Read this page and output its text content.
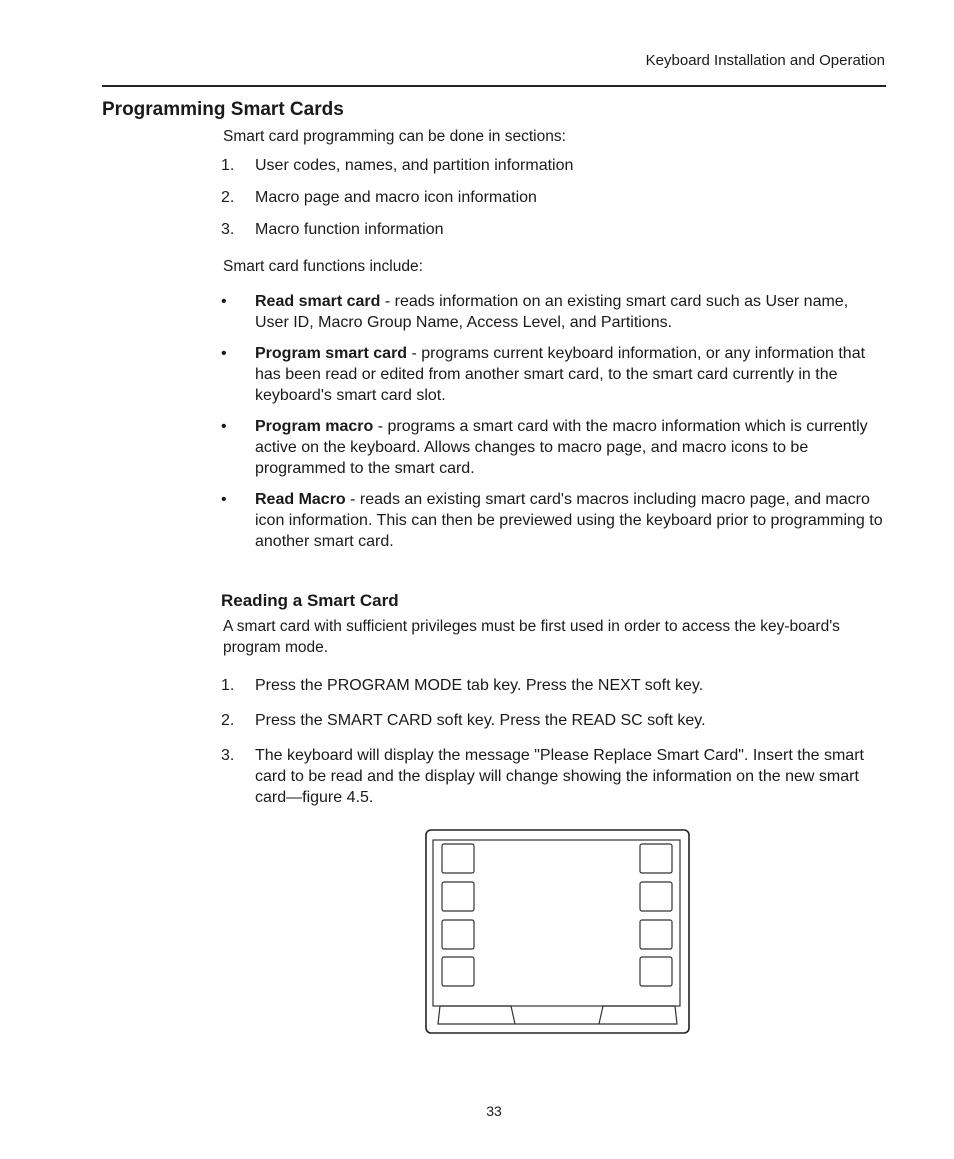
Keyboard Installation and Operation
Programming Smart Cards

Smart card programming can be done in sections:

1. User codes, names, and partition information
2. Macro page and macro icon information
3. Macro function information

Smart card functions include:

• Read smart card - reads information on an existing smart card such as User name, User ID, Macro Group Name, Access Level, and Partitions.
• Program smart card - programs current keyboard information, or any information that has been read or edited from another smart card, to the smart card currently in the keyboard's smart card slot.
• Program macro - programs a smart card with the macro information which is currently active on the keyboard. Allows changes to macro page, and macro icons to be programmed to the smart card.
• Read Macro - reads an existing smart card's macros including macro page, and macro icon information. This can then be previewed using the keyboard prior to programming to another smart card.
Reading a Smart Card

A smart card with sufficient privileges must be first used in order to access the key-board's program mode.

1. Press the PROGRAM MODE tab key. Press the NEXT soft key.
2. Press the SMART CARD soft key. Press the READ SC soft key.
3. The keyboard will display the message "Please Replace Smart Card". Insert the smart card to be read and the display will change showing the information on the new smart card—figure 4.5.
33
